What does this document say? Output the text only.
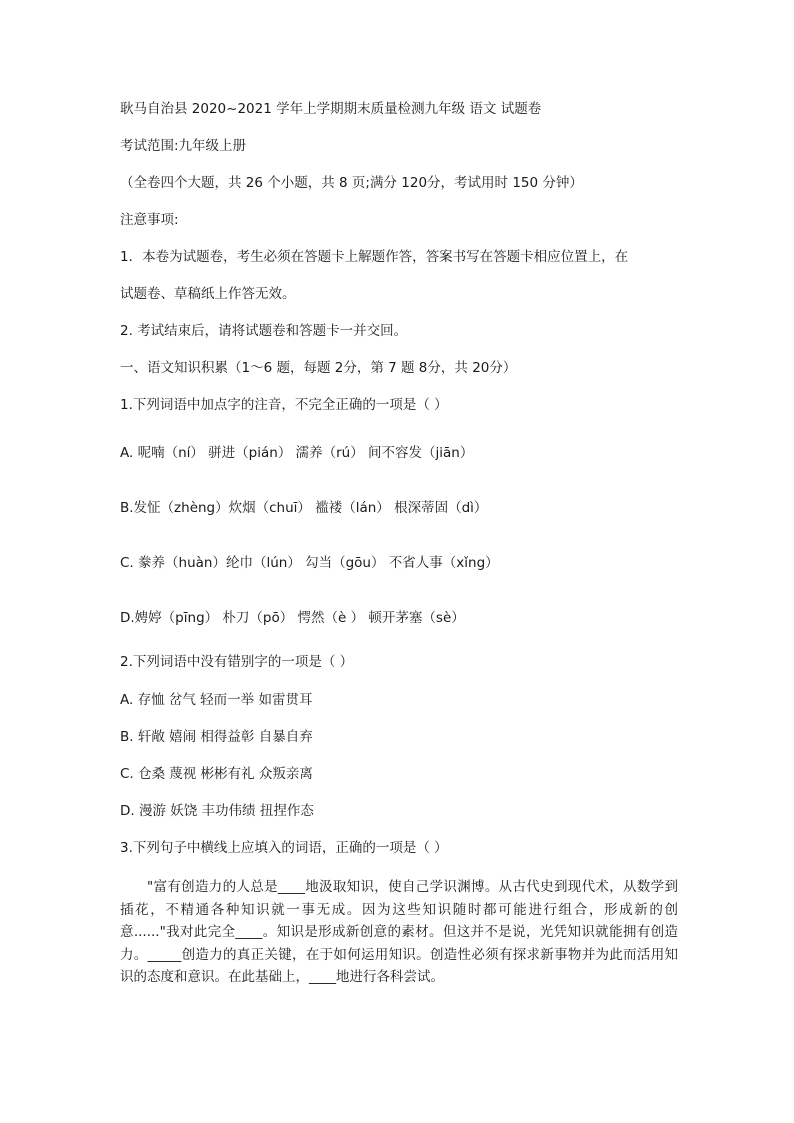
耿马自治县 2020~2021 学年上学期期末质量检测九年级 语文 试题卷
考试范围:九年级上册
（全卷四个大题，共 26 个小题，共 8 页;满分 120分，考试用时 150 分钟）
注意事项:
1．本卷为试题卷，考生必须在答题卡上解题作答，答案书写在答题卡相应位置上，在
试题卷、草稿纸上作答无效。
2. 考试结束后，请将试题卷和答题卡一并交回。
一、语文知识积累（1～6 题，每题 2分，第 7 题 8分，共 20分）
1.下列词语中加点字的注音，不完全正确的一项是（ ）
A. 呢喃（ní） 骈进（pián） 濡养（rú） 间不容发（jiān）
B.发怔（zhèng）炊烟（chuī） 褴褛（lán） 根深蒂固（dì）
C. 豢养（huàn）纶巾（lún） 勾当（gōu） 不省人事（xǐng）
D.娉婷（pīng） 朴刀（pō） 愕然（è ） 顿开茅塞（sè）
2.下列词语中没有错别字的一项是（ ）
A. 存恤 岔气 轻而一举 如雷贯耳
B. 轩敞 嬉闹 相得益彰 自暴自弃
C. 仓桑 蔑视 彬彬有礼 众叛亲离
D. 漫游 妖饶 丰功伟绩 扭捏作态
3.下列句子中横线上应填入的词语，正确的一项是（ ）
"富有创造力的人总是____地汲取知识，使自己学识渊博。从古代史到现代术，从数学到插花，不精通各种知识就一事无成。因为这些知识随时都可能进行组合，形成新的创意......"我对此完全____。知识是形成新创意的素材。但这并不是说，光凭知识就能拥有创造力。_____创造力的真正关键，在于如何运用知识。创造性必须有探求新事物并为此而活用知识的态度和意识。在此基础上，____地进行各科尝试。
